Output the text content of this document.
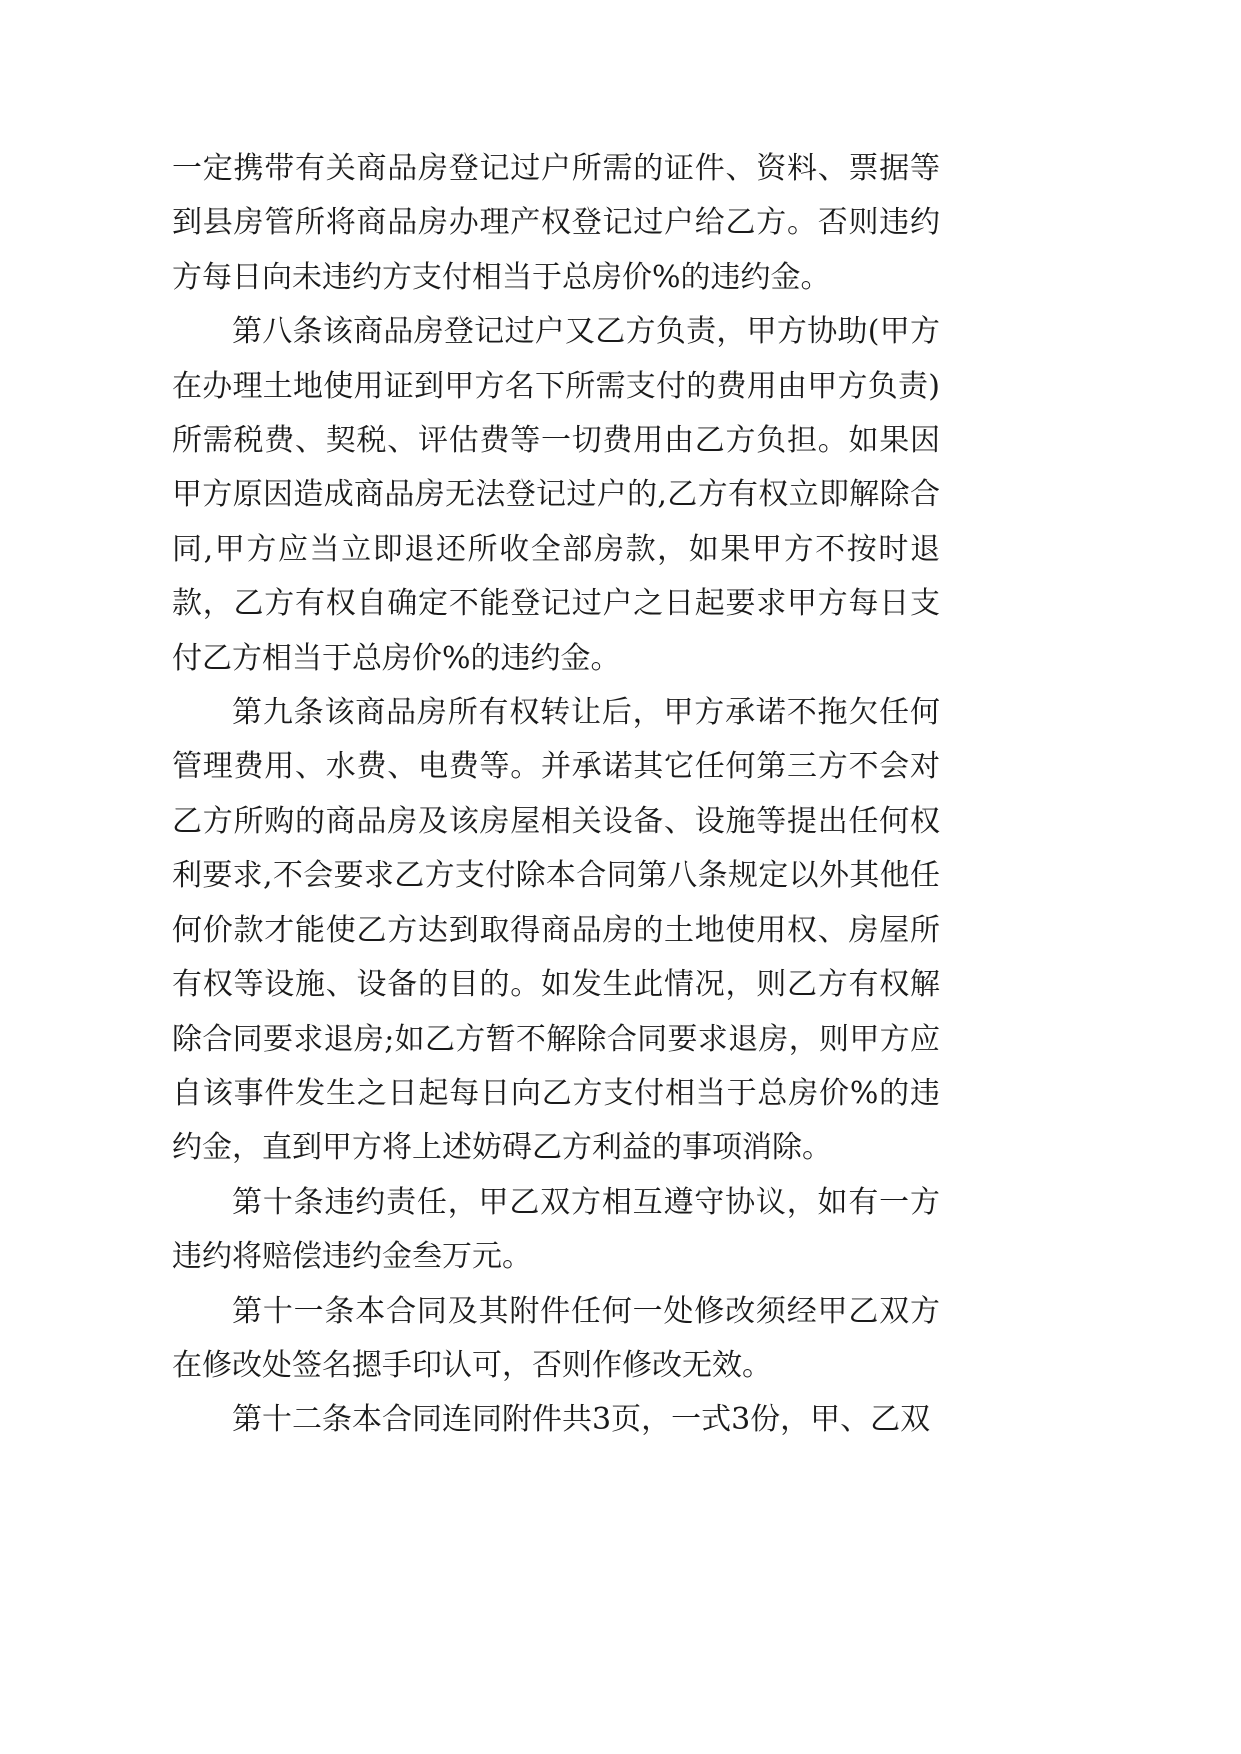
一定携带有关商品房登记过户所需的证件、资料、票据等到县房管所将商品房办理产权登记过户给乙方。否则违约方每日向未违约方支付相当于总房价%的违约金。

第八条该商品房登记过户又乙方负责，甲方协助(甲方在办理土地使用证到甲方名下所需支付的费用由甲方负责)所需税费、契税、评估费等一切费用由乙方负担。如果因甲方原因造成商品房无法登记过户的,乙方有权立即解除合同,甲方应当立即退还所收全部房款，如果甲方不按时退款，乙方有权自确定不能登记过户之日起要求甲方每日支付乙方相当于总房价%的违约金。

第九条该商品房所有权转让后，甲方承诺不拖欠任何管理费用、水费、电费等。并承诺其它任何第三方不会对乙方所购的商品房及该房屋相关设备、设施等提出任何权利要求,不会要求乙方支付除本合同第八条规定以外其他任何价款才能使乙方达到取得商品房的土地使用权、房屋所有权等设施、设备的目的。如发生此情况，则乙方有权解除合同要求退房;如乙方暂不解除合同要求退房，则甲方应自该事件发生之日起每日向乙方支付相当于总房价%的违约金，直到甲方将上述妨碍乙方利益的事项消除。

第十条违约责任，甲乙双方相互遵守协议，如有一方违约将赔偿违约金叁万元。

第十一条本合同及其附件任何一处修改须经甲乙双方在修改处签名摁手印认可，否则作修改无效。

第十二条本合同连同附件共3页，一式3份，甲、乙双
